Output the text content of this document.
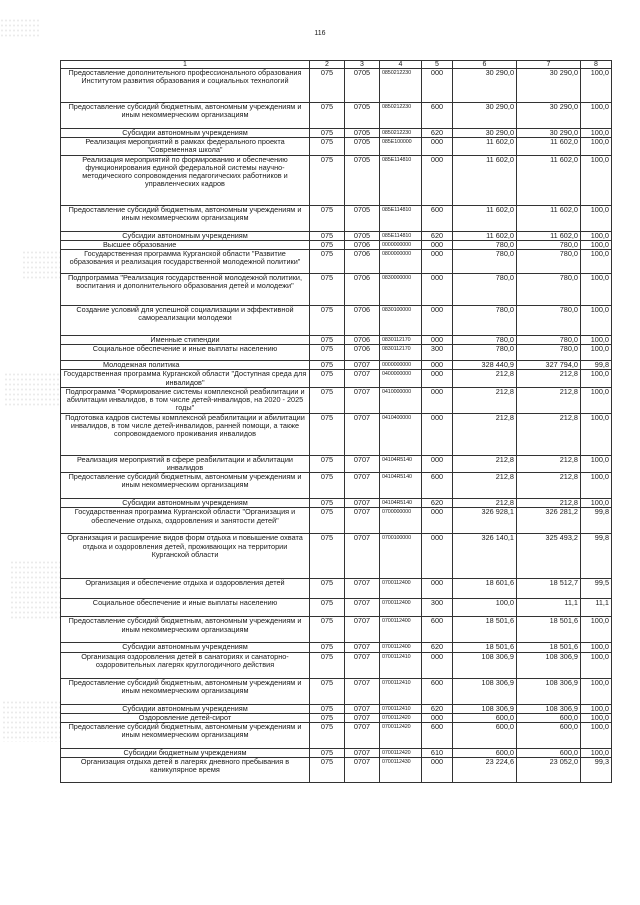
116
1	2	3	4	5	6	7	8

Предоставление дополнительного профессионального образования Институтом развития образования и социальных технологий	075	0705	0850212230	000	30 290,0	30 290,0	100,0

Предоставление субсидий бюджетным, автономным учреждениям и иным некоммерческим организациям	075	0705	0850212230	600	30 290,0	30 290,0	100,0

Субсидии автономным учреждениям	075	0705	0850212230	620	30 290,0	30 290,0	100,0

Реализация мероприятий в рамках федерального проекта "Современная школа"	075	0705	085E100000	000	11 602,0	11 602,0	100,0

Реализация мероприятий по формированию и обеспечению функционирования единой федеральной системы научно-методического сопровождения педагогических работников и управленческих кадров	075	0705	085E114810	000	11 602,0	11 602,0	100,0

Предоставление субсидий бюджетным, автономным учреждениям и иным некоммерческим организациям	075	0705	085E114810	600	11 602,0	11 602,0	100,0

Субсидии автономным учреждениям	075	0705	085E114810	620	11 602,0	11 602,0	100,0

Высшее образование	075	0706	0000000000	000	780,0	780,0	100,0

Государственная программа Курганской области "Развитие образования и реализация государственной молодежной политики"	075	0706	0800000000	000	780,0	780,0	100,0

Подпрограмма "Реализация государственной молодежной политики, воспитания и дополнительного образования детей и молодежи"	075	0706	0830000000	000	780,0	780,0	100,0

Создание условий для успешной социализации и эффективной самореализации молодежи	075	0706	0830100000	000	780,0	780,0	100,0

Именные стипендии	075	0706	0830112170	000	780,0	780,0	100,0

Социальное обеспечение и иные выплаты населению	075	0706	0830112170	300	780,0	780,0	100,0

Молодежная политика	075	0707	0000000000	000	328 440,9	327 794,0	99,8

Государственная программа Курганской области "Доступная среда для инвалидов"	075	0707	0400000000	000	212,8	212,8	100,0

Подпрограмма "Формирование системы комплексной реабилитации и абилитации инвалидов, в том числе детей-инвалидов, на 2020 - 2025 годы"	075	0707	0410000000	000	212,8	212,8	100,0

Подготовка кадров системы комплексной реабилитации и абилитации инвалидов, в том числе детей-инвалидов, ранней помощи, а также сопровождаемого проживания инвалидов	075	0707	0410400000	000	212,8	212,8	100,0

Реализация мероприятий в сфере реабилитации и абилитации инвалидов	075	0707	04104R5140	000	212,8	212,8	100,0

Предоставление субсидий бюджетным, автономным учреждениям и иным некоммерческим организациям	075	0707	04104R5140	600	212,8	212,8	100,0

Субсидии автономным учреждениям	075	0707	04104R5140	620	212,8	212,8	100,0

Государственная программа Курганской области "Организация и обеспечение отдыха, оздоровления и занятости детей"	075	0707	0700000000	000	326 928,1	326 281,2	99,8

Организация и расширение видов форм отдыха и повышение охвата отдыха и оздоровления детей, проживающих на территории Курганской области	075	0707	0700100000	000	326 140,1	325 493,2	99,8

Организация и обеспечение отдыха и оздоровления детей	075	0707	0700112400	000	18 601,6	18 512,7	99,5

Социальное обеспечение и иные выплаты населению	075	0707	0700112400	300	100,0	11,1	11,1

Предоставление субсидий бюджетным, автономным учреждениям и иным некоммерческим организациям	075	0707	0700112400	600	18 501,6	18 501,6	100,0

Субсидии автономным учреждениям	075	0707	0700112400	620	18 501,6	18 501,6	100,0

Организация оздоровления детей в санаториях и санаторно-оздоровительных лагерях круглогодичного действия	075	0707	0700112410	000	108 306,9	108 306,9	100,0

Предоставление субсидий бюджетным, автономным учреждениям и иным некоммерческим организациям	075	0707	0700112410	600	108 306,9	108 306,9	100,0

Субсидии автономным учреждениям	075	0707	0700112410	620	108 306,9	108 306,9	100,0

Оздоровление детей-сирот	075	0707	0700112420	000	600,0	600,0	100,0

Предоставление субсидий бюджетным, автономным учреждениям и иным некоммерческим организациям	075	0707	0700112420	600	600,0	600,0	100,0

Субсидии бюджетным учреждениям	075	0707	0700112420	610	600,0	600,0	100,0

Организация отдыха детей в лагерях дневного пребывания в каникулярное время	075	0707	0700112430	000	23 224,6	23 052,0	99,3
